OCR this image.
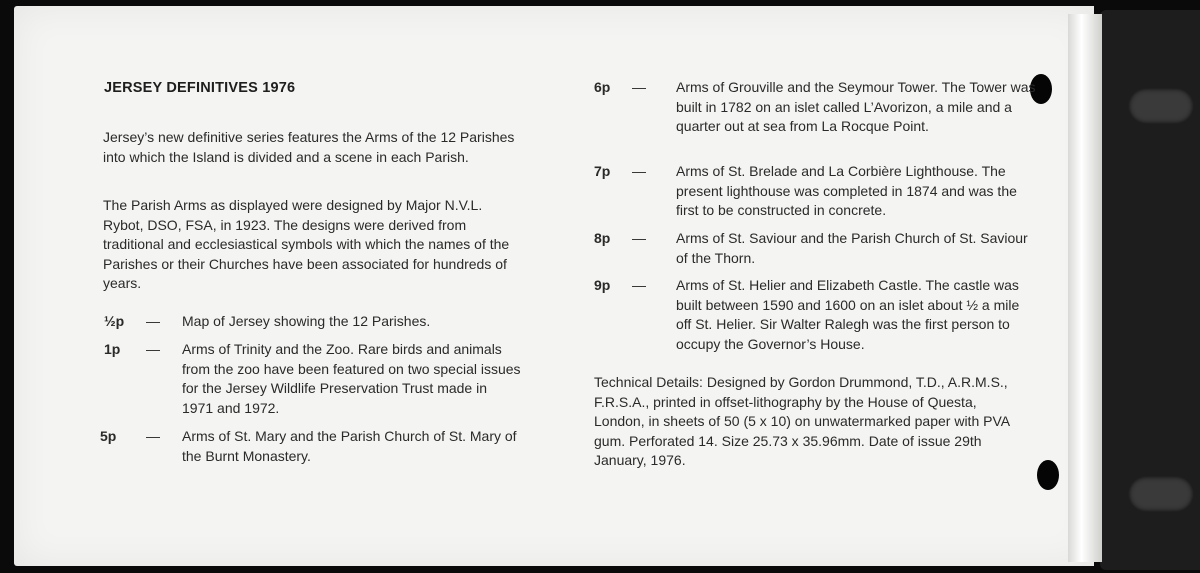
JERSEY DEFINITIVES 1976

Jersey’s new definitive series features the Arms of the 12 Parishes into which the Island is divided and a scene in each Parish.

The Parish Arms as displayed were designed by Major N.V.L. Rybot, DSO, FSA, in 1923. The designs were derived from traditional and ecclesiastical symbols with which the names of the Parishes or their Churches have been associated for hundreds of years.

½p — Map of Jersey showing the 12 Parishes.
1p — Arms of Trinity and the Zoo. Rare birds and animals from the zoo have been featured on two special issues for the Jersey Wildlife Preservation Trust made in 1971 and 1972.
5p — Arms of St. Mary and the Parish Church of St. Mary of the Burnt Monastery.
6p — Arms of Grouville and the Seymour Tower. The Tower was built in 1782 on an islet called L’Avorizon, a mile and a quarter out at sea from La Rocque Point.
7p — Arms of St. Brelade and La Corbière Lighthouse. The present lighthouse was completed in 1874 and was the first to be constructed in concrete.
8p — Arms of St. Saviour and the Parish Church of St. Saviour of the Thorn.
9p — Arms of St. Helier and Elizabeth Castle. The castle was built between 1590 and 1600 on an islet about ½ a mile off St. Helier. Sir Walter Ralegh was the first person to occupy the Governor’s House.

Technical Details: Designed by Gordon Drummond, T.D., A.R.M.S., F.R.S.A., printed in offset-lithography by the House of Questa, London, in sheets of 50 (5 x 10) on unwatermarked paper with PVA gum. Perforated 14. Size 25.73 x 35.96mm. Date of issue 29th January, 1976.
